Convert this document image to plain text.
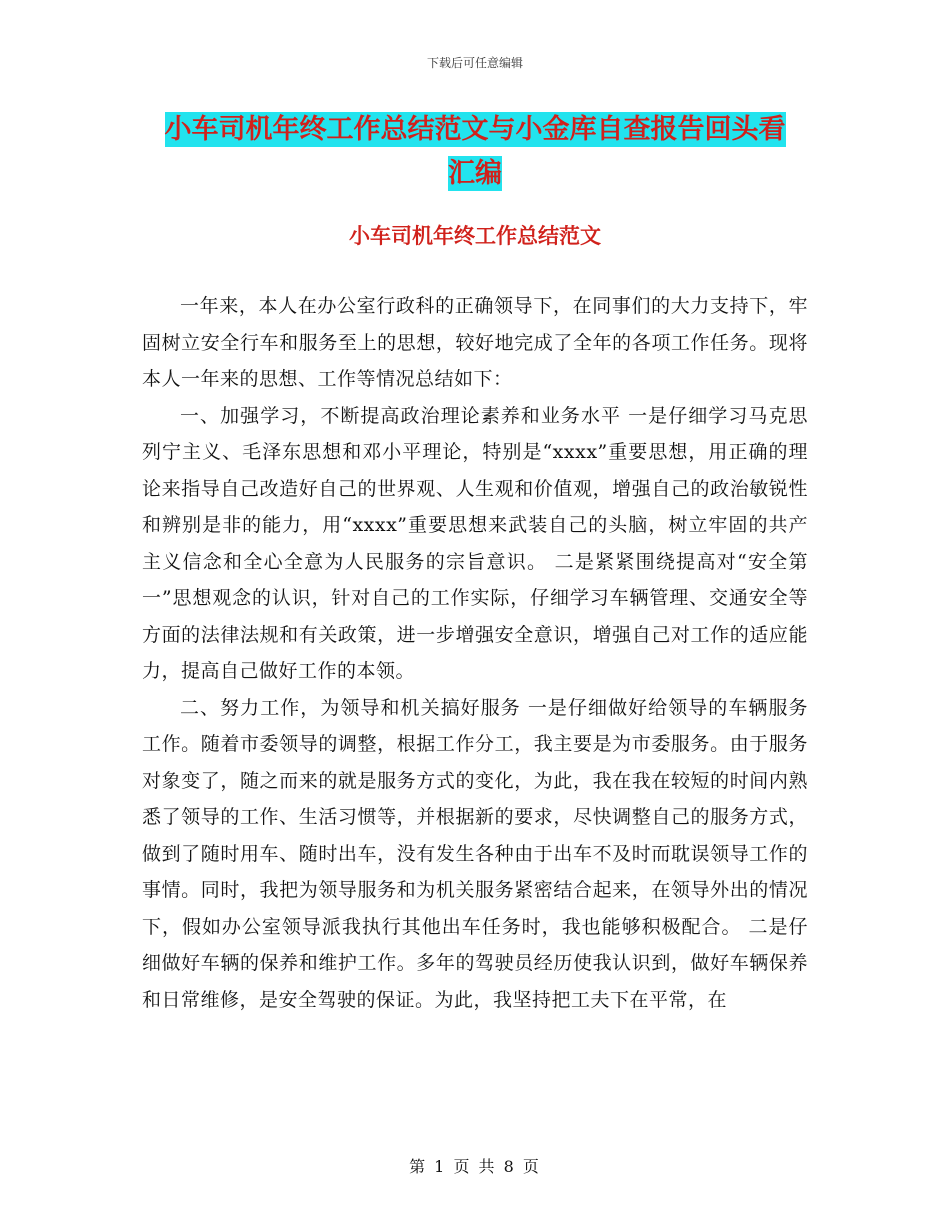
下载后可任意编辑
小车司机年终工作总结范文与小金库自查报告回头看
汇编
小车司机年终工作总结范文

一年来，本人在办公室行政科的正确领导下，在同事们的大力支持下，牢固树立安全行车和服务至上的思想，较好地完成了全年的各项工作任务。现将本人一年来的思想、工作等情况总结如下：

一、加强学习，不断提高政治理论素养和业务水平 一是仔细学习马克思列宁主义、毛泽东思想和邓小平理论，特别是“xxxx”重要思想，用正确的理论来指导自己改造好自己的世界观、人生观和价值观，增强自己的政治敏锐性和辨别是非的能力，用“xxxx”重要思想来武装自己的头脑，树立牢固的共产主义信念和全心全意为人民服务的宗旨意识。 二是紧紧围绕提高对“安全第一”思想观念的认识，针对自己的工作实际，仔细学习车辆管理、交通安全等方面的法律法规和有关政策，进一步增强安全意识，增强自己对工作的适应能力，提高自己做好工作的本领。

二、努力工作，为领导和机关搞好服务 一是仔细做好给领导的车辆服务工作。随着市委领导的调整，根据工作分工，我主要是为市委服务。由于服务对象变了，随之而来的就是服务方式的变化，为此，我在我在较短的时间内熟悉了领导的工作、生活习惯等，并根据新的要求，尽快调整自己的服务方式，做到了随时用车、随时出车，没有发生各种由于出车不及时而耽误领导工作的事情。同时，我把为领导服务和为机关服务紧密结合起来，在领导外出的情况下，假如办公室领导派我执行其他出车任务时，我也能够积极配合。 二是仔细做好车辆的保养和维护工作。多年的驾驶员经历使我认识到，做好车辆保养和日常维修，是安全驾驶的保证。为此，我坚持把工夫下在平常，在

第 1 页 共 8 页
